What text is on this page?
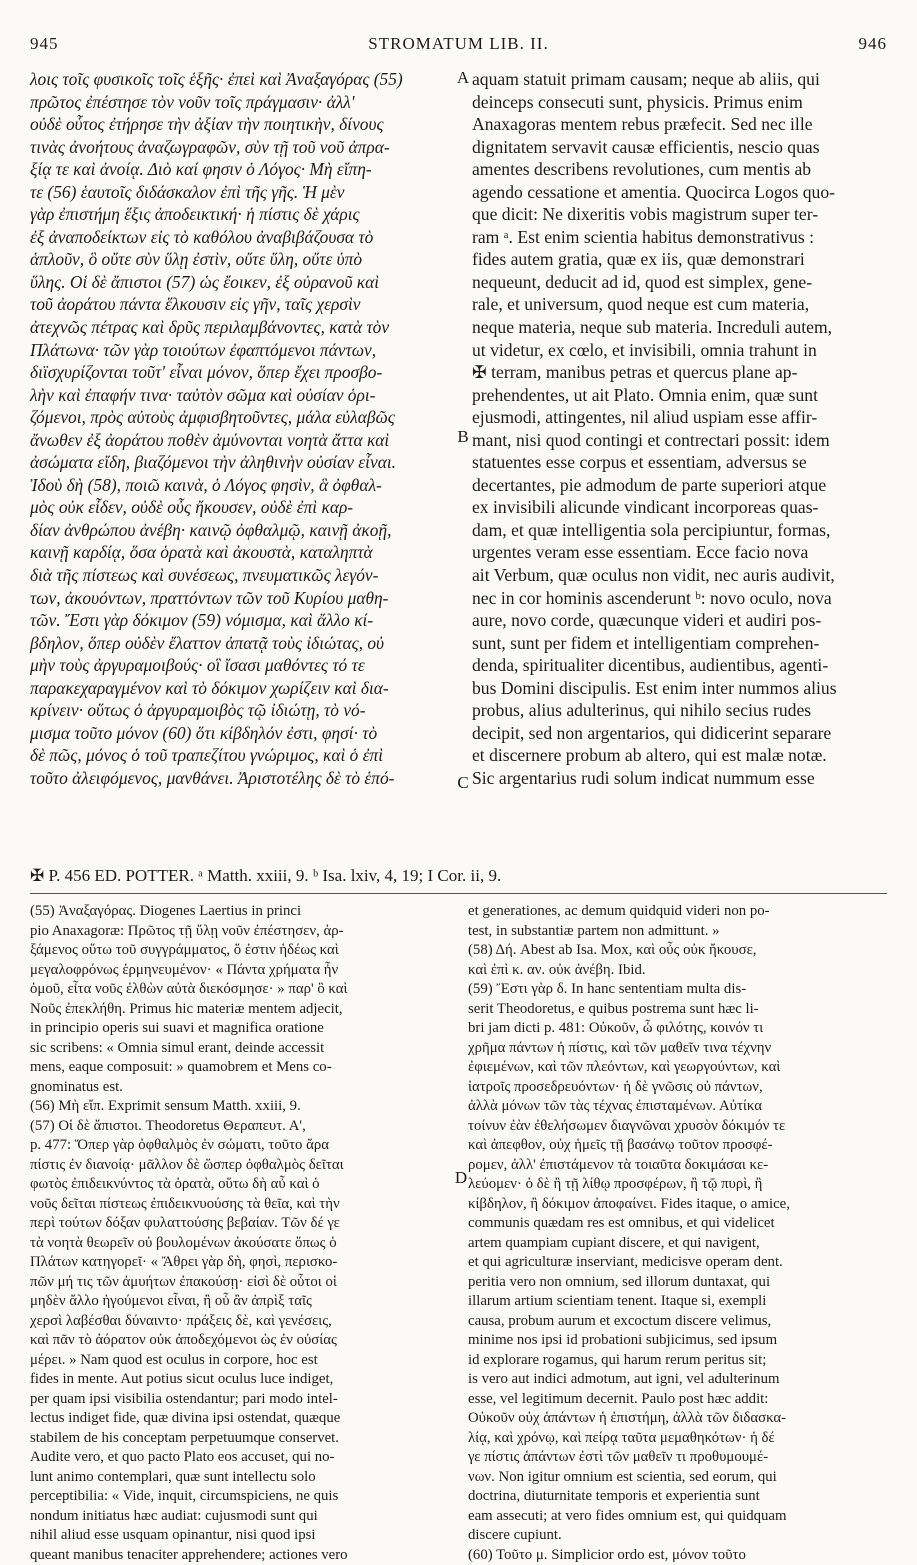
945	STROMATUM LIB. II.	946
λοις τοῖς φυσικοῖς τοῖς ἑξῆς· ἐπεὶ καὶ Ἀναξαγόρας (55)
πρῶτος ἐπέστησε τὸν νοῦν τοῖς πράγμασιν· ἀλλ'
οὐδὲ οὗτος ἐτήρησε τὴν ἀξίαν τὴν ποιητικὴν, δίνους
τινὰς ἀνοήτους ἀναζωγραφῶν, σὺν τῇ τοῦ νοῦ ἀπρα-
ξίᾳ τε καὶ ἀνοίᾳ. Διὸ καί φησιν ὁ Λόγος· Μὴ εἴπη-
τε (56) ἑαυτοῖς διδάσκαλον ἐπὶ τῆς γῆς. Ἡ μὲν
γὰρ ἐπιστήμη ἕξις ἀποδεικτική· ἡ πίστις δὲ χάρις
ἐξ ἀναποδείκτων εἰς τὸ καθόλου ἀναβιβάζουσα τὸ
ἁπλοῦν, ὃ οὔτε σὺν ὕλῃ ἐστὶν, οὔτε ὕλη, οὔτε ὑπὸ
ὕλης. Οἱ δὲ ἄπιστοι (57) ὡς ἔοικεν, ἐξ οὐρανοῦ καὶ
τοῦ ἀοράτου πάντα ἕλκουσιν εἰς γῆν, ταῖς χερσὶν
ἀτεχνῶς πέτρας καὶ δρῦς περιλαμβάνοντες, κατὰ τὸν
Πλάτωνα· τῶν γὰρ τοιούτων ἐφαπτόμενοι πάντων,
διϊσχυρίζονται τοῦτ' εἶναι μόνον, ὅπερ ἔχει προσβο-
λὴν καὶ ἐπαφήν τινα· ταὐτὸν σῶμα καὶ οὐσίαν ὁρι-
ζόμενοι, πρὸς αὐτοὺς ἀμφισβητοῦντες, μάλα εὐλαβῶς
ἄνωθεν ἐξ ἀοράτου ποθὲν ἀμύνονται νοητὰ ἄττα καὶ
ἀσώματα εἴδη, βιαζόμενοι τὴν ἀληθινὴν οὐσίαν εἶναι.
Ἰδοὺ δὴ (58), ποιῶ καινὰ, ὁ Λόγος φησὶν, ἃ ὀφθαλ-
μὸς οὐκ εἶδεν, οὐδὲ οὖς ἤκουσεν, οὐδὲ ἐπὶ καρ-
δίαν ἀνθρώπου ἀνέβη· καινῷ ὀφθαλμῷ, καινῇ ἀκοῇ,
καινῇ καρδίᾳ, ὅσα ὁρατὰ καὶ ἀκουστὰ, καταληπτὰ
διὰ τῆς πίστεως καὶ συνέσεως, πνευματικῶς λεγόν-
των, ἀκουόντων, πραττόντων τῶν τοῦ Κυρίου μαθη-
τῶν. Ἔστι γὰρ δόκιμον (59) νόμισμα, καὶ ἄλλο κί-
βδηλον, ὅπερ οὐδὲν ἔλαττον ἀπατᾷ τοὺς ἰδιώτας, οὐ
μὴν τοὺς ἀργυραμοιβούς· οἳ ἴσασι μαθόντες τό τε
παρακεχαραγμένον καὶ τὸ δόκιμον χωρίζειν καὶ δια-
κρίνειν· οὕτως ὁ ἀργυραμοιβὸς τῷ ἰδιώτῃ, τὸ νό-
μισμα τοῦτο μόνον (60) ὅτι κίβδηλόν ἐστι, φησί· τὸ
δὲ πῶς, μόνος ὁ τοῦ τραπεζίτου γνώριμος, καὶ ὁ ἐπὶ
τοῦτο ἀλειφόμενος, μανθάνει. Ἀριστοτέλης δὲ τὸ ἑπό-
aquam statuit primam causam; neque ab aliis, qui
deinceps consecuti sunt, physicis. Primus enim
Anaxagoras mentem rebus præfecit. Sed nec ille
dignitatem servavit causæ efficientis, nescio quas
amentes describens revolutiones, cum mentis ab
agendo cessatione et amentia. Quocirca Logos quo-
que dicit: Ne dixeritis vobis magistrum super ter-
ram ᵃ. Est enim scientia habitus demonstrativus :
fides autem gratia, quæ ex iis, quæ demonstrari
nequeunt, deducit ad id, quod est simplex, gene-
rale, et universum, quod neque est cum materia,
neque materia, neque sub materia. Increduli autem,
ut videtur, ex cœlo, et invisibili, omnia trahunt in
✠ terram, manibus petras et quercus plane ap-
prehendentes, ut ait Plato. Omnia enim, quæ sunt
ejusmodi, attingentes, nil aliud uspiam esse affir-
mant, nisi quod contingi et contrectari possit: idem
statuentes esse corpus et essentiam, adversus se
decertantes, pie admodum de parte superiori atque
ex invisibili alicunde vindicant incorporeas quas-
dam, et quæ intelligentia sola percipiuntur, formas,
urgentes veram esse essentiam. Ecce facio nova
ait Verbum, quæ oculus non vidit, nec auris audivit,
nec in cor hominis ascenderunt ᵇ: novo oculo, nova
aure, novo corde, quæcunque videri et audiri pos-
sunt, sunt per fidem et intelligentiam comprehen-
denda, spiritualiter dicentibus, audientibus, agenti-
bus Domini discipulis. Est enim inter nummos alius
probus, alius adulterinus, qui nihilo secius rudes
decipit, sed non argentarios, qui didicerint separare
et discernere probum ab altero, qui est malæ notæ.
Sic argentarius rudi solum indicat nummum esse
A
B
C
D
✠ P. 456 ED. POTTER. ᵃ Matth. xxiii, 9. ᵇ Isa. lxiv, 4, 19; I Cor. ii, 9.
(55) Ἀναξαγόρας. Diogenes Laertius in princi
pio Anaxagoræ: Πρῶτος τῇ ὕλῃ νοῦν ἐπέστησεν, ἀρ-
ξάμενος οὕτω τοῦ συγγράμματος, ὅ ἐστιν ἡδέως καὶ
μεγαλοφρόνως ἑρμηνευμένον· « Πάντα χρήματα ἦν
ὁμοῦ, εἶτα νοῦς ἐλθὼν αὐτὰ διεκόσμησε· » παρ' ὃ καὶ
Νοῦς ἐπεκλήθη. Primus hic materiæ mentem adjecit,
in principio operis sui suavi et magnifica oratione
sic scribens: « Omnia simul erant, deinde accessit
mens, eaque composuit: » quamobrem et Mens co-
gnominatus est.
(56) Μὴ εἴπ. Exprimit sensum Matth. xxiii, 9.
(57) Οἱ δὲ ἄπιστοι. Theodoretus Θεραπευτ. Α',
p. 477: Ὅπερ γὰρ ὀφθαλμὸς ἐν σώματι, τοῦτο ἄρα
πίστις ἐν διανοίᾳ· μᾶλλον δὲ ὥσπερ ὀφθαλμὸς δεῖται
φωτὸς ἐπιδεικνύντος τὰ ὁρατὰ, οὕτω δὴ αὖ καὶ ὁ
νοῦς δεῖται πίστεως ἐπιδεικνυούσης τὰ θεῖα, καὶ τὴν
περὶ τούτων δόξαν φυλαττούσης βεβαίαν. Τῶν δέ γε
τὰ νοητὰ θεωρεῖν οὐ βουλομένων ἀκούσατε ὅπως ὁ
Πλάτων κατηγορεῖ· « Ἄθρει γὰρ δὴ, φησὶ, περισκο-
πῶν μή τις τῶν ἀμυήτων ἐπακούσῃ· εἰσὶ δὲ οὗτοι οἱ
μηδὲν ἄλλο ἡγούμενοι εἶναι, ἢ οὗ ἂν ἀπρὶξ ταῖς
χερσὶ λαβέσθαι δύναιντο· πράξεις δὲ, καὶ γενέσεις,
καὶ πᾶν τὸ ἀόρατον οὐκ ἀποδεχόμενοι ὡς ἐν οὐσίας
μέρει. » Nam quod est oculus in corpore, hoc est
fides in mente. Aut potius sicut oculus luce indiget,
per quam ipsi visibilia ostendantur; pari modo intel-
lectus indiget fide, quæ divina ipsi ostendat, quæque
stabilem de his conceptam perpetuumque conservet.
Audite vero, et quo pacto Plato eos accuset, qui no-
lunt animo contemplari, quæ sunt intellectu solo
perceptibilia: « Vide, inquit, circumspiciens, ne quis
nondum initiatus hæc audiat: cujusmodi sunt qui
nihil aliud esse usquam opinantur, nisi quod ipsi
queant manibus tenaciter apprehendere; actiones vero
et generationes, ac demum quidquid videri non po-
test, in substantiæ partem non admittunt. »
(58) Δή. Abest ab Isa. Mox, καὶ οὖς οὐκ ἤκουσε,
καὶ ἐπὶ κ. αν. οὐκ ἀνέβη. Ibid.
(59) Ἔστι γὰρ δ. In hanc sententiam multa dis-
serit Theodoretus, e quibus postrema sunt hæc li-
bri jam dicti p. 481: Οὐκοῦν, ὦ φιλότης, κοινόν τι
χρῆμα πάντων ἡ πίστις, καὶ τῶν μαθεῖν τινα τέχνην
ἐφιεμένων, καὶ τῶν πλεόντων, καὶ γεωργούντων, καὶ
ἰατροῖς προσεδρευόντων· ἡ δὲ γνῶσις οὐ πάντων,
ἀλλὰ μόνων τῶν τὰς τέχνας ἐπισταμένων. Αὐτίκα
τοίνυν ἐὰν ἐθελήσωμεν διαγνῶναι χρυσὸν δόκιμόν τε
καὶ ἀπεφθον, οὐχ ἡμεῖς τῇ βασάνῳ τοῦτον προσφέ-
ρομεν, ἀλλ' ἐπιστάμενον τὰ τοιαῦτα δοκιμάσαι κε-
λεύομεν· ὁ δὲ ἢ τῇ λίθῳ προσφέρων, ἢ τῷ πυρὶ, ἢ
κίβδηλον, ἢ δόκιμον ἀποφαίνει. Fides itaque, o amice,
communis quædam res est omnibus, et qui videlicet
artem quampiam cupiant discere, et qui navigent,
et qui agriculturæ inserviant, medicisve operam dent.
peritia vero non omnium, sed illorum duntaxat, qui
illarum artium scientiam tenent. Itaque si, exempli
causa, probum aurum et excoctum discere velimus,
minime nos ipsi id probationi subjicimus, sed ipsum
id explorare rogamus, qui harum rerum peritus sit;
is vero aut indici admotum, aut igni, vel adulterinum
esse, vel legitimum decernit. Paulo post hæc addit:
Οὐκοῦν οὐχ ἁπάντων ἡ ἐπιστήμη, ἀλλὰ τῶν διδασκα-
λίᾳ, καὶ χρόνῳ, καὶ πείρᾳ ταῦτα μεμαθηκότων· ἡ δέ
γε πίστις ἁπάντων ἐστὶ τῶν μαθεῖν τι προθυμουμέ-
νων. Non igitur omnium est scientia, sed eorum, qui
doctrina, diuturnitate temporis et experientia sunt
eam assecuti; at vero fides omnium est, qui quidquam
discere cupiunt.
(60) Τοῦτο μ. Simplicior ordo est, μόνον τοῦτο
